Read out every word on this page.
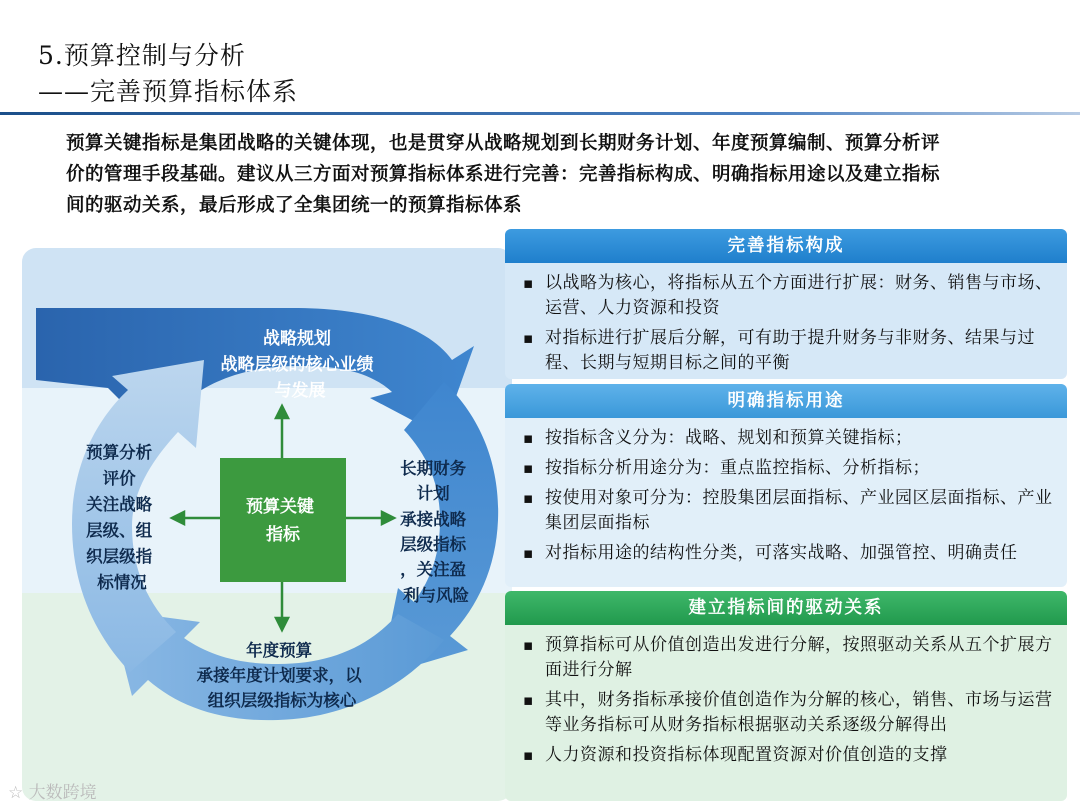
5.预算控制与分析
——完善预算指标体系

预算关键指标是集团战略的关键体现，也是贯穿从战略规划到长期财务计划、年度预算编制、预算分析评价的管理手段基础。建议从三方面对预算指标体系进行完善：完善指标构成、明确指标用途以及建立指标间的驱动关系，最后形成了全集团统一的预算指标体系

预算关键 指标
战略规划 战略层级的核心业绩 与发展
长期财务 计划 承接战略 层级指标 ，关注盈 利与风险
年度预算 承接年度计划要求，以 组织层级指标为核心
预算分析 评价 关注战略 层级、组 织层级指 标情况
完善指标构成
▪ 以战略为核心，将指标从五个方面进行扩展：财务、销售与市场、运营、人力资源和投资
▪ 对指标进行扩展后分解，可有助于提升财务与非财务、结果与过程、长期与短期目标之间的平衡
明确指标用途
▪ 按指标含义分为：战略、规划和预算关键指标；
▪ 按指标分析用途分为：重点监控指标、分析指标；
▪ 按使用对象可分为：控股集团层面指标、产业园区层面指标、产业集团层面指标
▪ 对指标用途的结构性分类，可落实战略、加强管控、明确责任
建立指标间的驱动关系
▪ 预算指标可从价值创造出发进行分解，按照驱动关系从五个扩展方面进行分解
▪ 其中，财务指标承接价值创造作为分解的核心，销售、市场与运营等业务指标可从财务指标根据驱动关系逐级分解得出
▪ 人力资源和投资指标体现配置资源对价值创造的支撑
☆ 大数跨境
